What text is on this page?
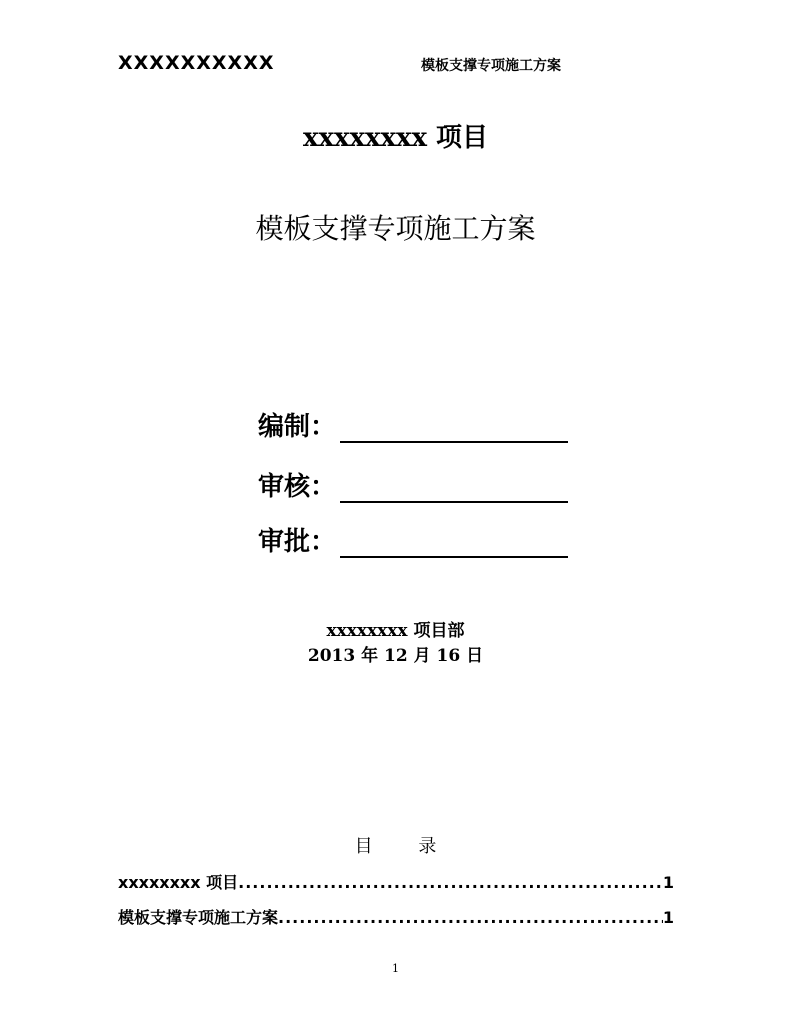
XXXXXXXXXX	模板支撑专项施工方案
xxxxxxxx 项目
模板支撑专项施工方案
编制：
审核：
审批：
xxxxxxxx 项目部
2013 年 12 月 16 日
目 录
xxxxxxxx 项目 .....	1
模板支撑专项施工方案 .....	1
1
